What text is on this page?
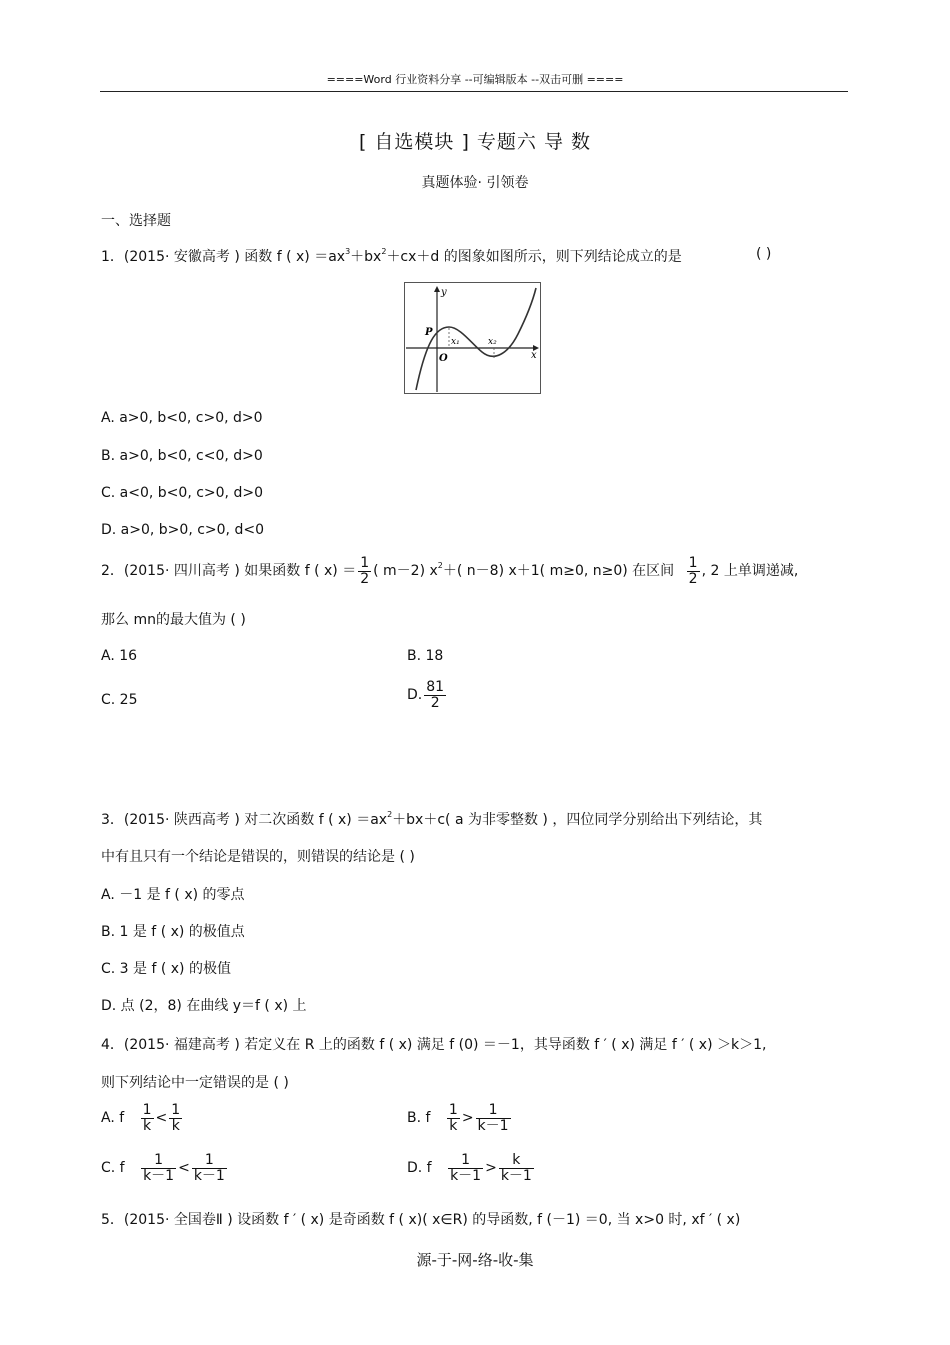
====Word 行业资料分享 --可编辑版本 --双击可删 ====
[ 自选模块 ] 专题六 导 数
真题体验· 引领卷
一、选择题
1．(2015· 安徽高考 ) 函数 f ( $x) =ax^3+bx^2+cx+d$ 的图象如图所示，则下列结论成立的是	( )
y
x
P
O
x₁	x₂
A. a>0, b<0, c>0, d>0
B. a>0, b<0, c<0, d>0
C. a<0, b<0, c>0, d>0
D. a>0, b>0, c>0, d<0
2．(2015· 四川高考 ) 如果函数 f ( $x) = \frac{1}{2}$ ( m－2) $x^2+$( n－8) x＋1( m≥0, n≥0) 在区间 $\frac{1}{2}$ , 2 上单调递减,
那么 mn的最大值为 ( )
A. 16	B. 18
C. 25	D. $\frac{81}{2}$
3．(2015· 陕西高考 ) 对二次函数 f ( $x) =ax^2+bx+c$( a 为非零整数 ) ，四位同学分别给出下列结论，其
中有且只有一个结论是错误的，则错误的结论是 ( )
A. －1 是 f ( x) 的零点
B. 1 是 f ( x) 的极值点
C. 3 是 f ( x) 的极值
D. 点 (2，8) 在曲线 y＝f ( x) 上
4．(2015· 福建高考 ) 若定义在 R 上的函数 f ( x) 满足 f (0) ＝－1，其导函数 f ′ ( x) 满足 f ′ ( x) ＞k＞1,
则下列结论中一定错误的是 ( )
A. f $\frac{1}{k} < \frac{1}{k}$	B. f $\frac{1}{k} > \frac{1}{k-1}$
C. f $\frac{1}{k-1} < \frac{1}{k-1}$	D. f $\frac{1}{k-1} > \frac{k}{k-1}$
5．(2015· 全国卷Ⅱ ) 设函数 f ′ ( x) 是奇函数 f ( x)( x∈R) 的导函数, f (－1) ＝0, 当 x>0 时, xf ′ ( x)
源-于-网-络-收-集
